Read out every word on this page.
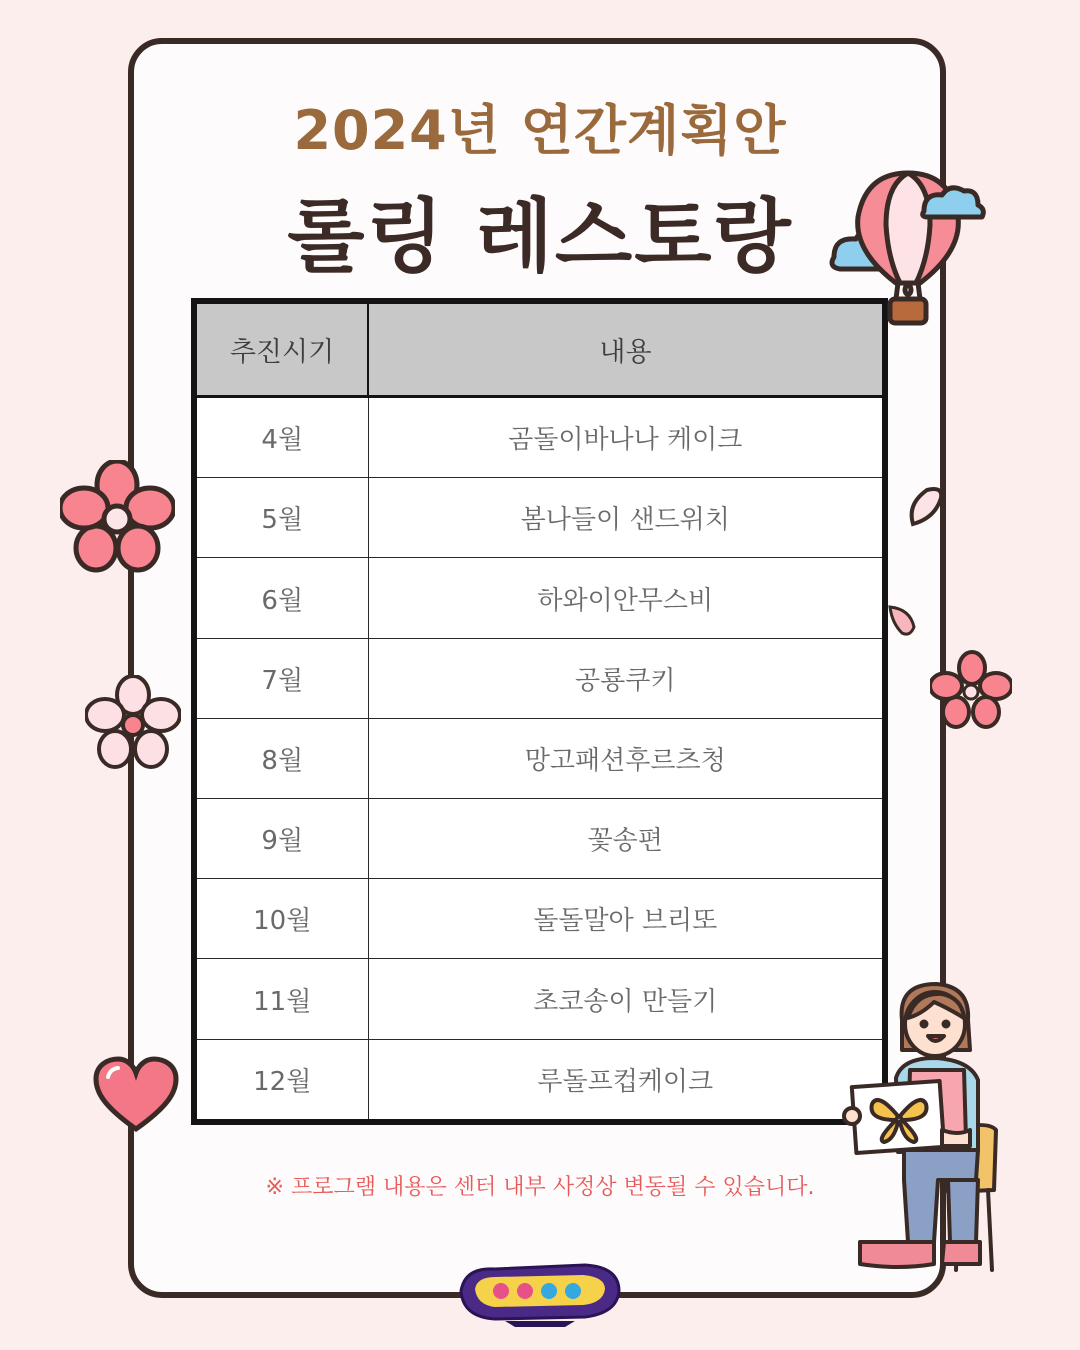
2024년 연간계획안
롤링 레스토랑
추진시기	내용
4월	곰돌이바나나 케이크
5월	봄나들이 샌드위치
6월	하와이안무스비
7월	공룡쿠키
8월	망고패션후르츠청
9월	꽃송편
10월	돌돌말아 브리또
11월	초코송이 만들기
12월	루돌프컵케이크
※ 프로그램 내용은 센터 내부 사정상 변동될 수 있습니다.
